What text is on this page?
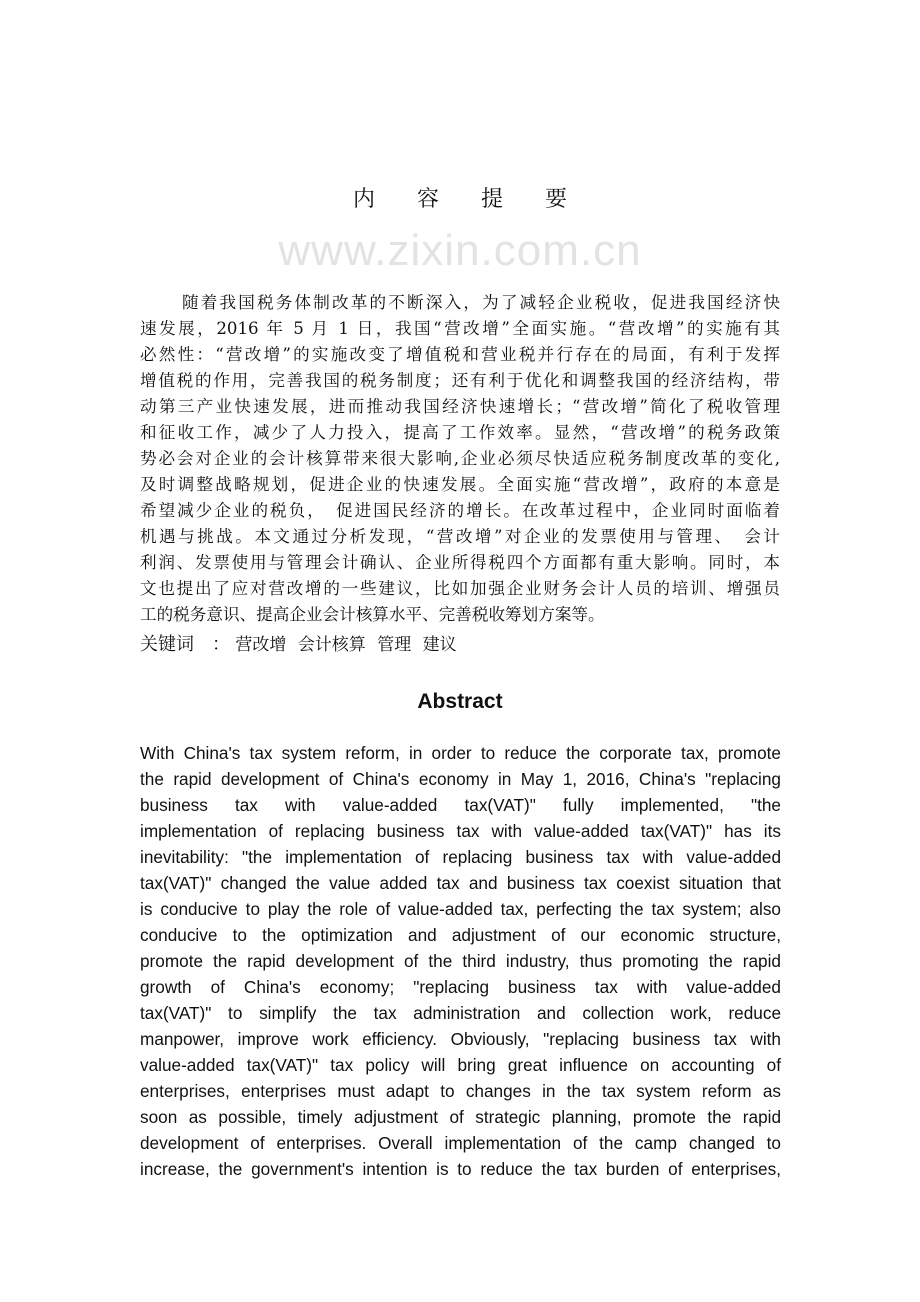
内 容 提 要
www.zixin.com.cn
随着我国税务体制改革的不断深入，为了减轻企业税收，促进我国经济快
速发展，2016 年 5 月 1 日，我国“营改增”全面实施。“营改增”的实施有其
必然性：“营改增”的实施改变了增值税和营业税并行存在的局面，有利于发挥
增值税的作用，完善我国的税务制度；还有利于优化和调整我国的经济结构，带
动第三产业快速发展，进而推动我国经济快速增长；“营改增”简化了税收管理
和征收工作，减少了人力投入，提高了工作效率。显然，“营改增”的税务政策
势必会对企业的会计核算带来很大影响,企业必须尽快适应税务制度改革的变化,
及时调整战略规划，促进企业的快速发展。全面实施“营改增”，政府的本意是
希望减少企业的税负，　促进国民经济的增长。在改革过程中，企业同时面临着
机遇与挑战。本文通过分析发现，“营改增”对企业的发票使用与管理、　会计
利润、发票使用与管理会计确认、企业所得税四个方面都有重大影响。同时，本
文也提出了应对营改增的一些建议，比如加强企业财务会计人员的培训、增强员
工的税务意识、提高企业会计核算水平、完善税收筹划方案等。
关键词　： 营改增 会计核算 管理 建议
Abstract
With China's tax system reform, in order to reduce the corporate tax, promote
the rapid development of China's economy in May 1, 2016, China's "replacing
business tax with value-added tax(VAT)" fully implemented, "the
implementation of replacing business tax with value-added tax(VAT)" has its
inevitability: "the implementation of replacing business tax with value-added
tax(VAT)" changed the value added tax and business tax coexist situation that
is conducive to play the role of value-added tax, perfecting the tax system; also
conducive to the optimization and adjustment of our economic structure,
promote the rapid development of the third industry, thus promoting the rapid
growth of China's economy; "replacing business tax with value-added
tax(VAT)" to simplify the tax administration and collection work, reduce
manpower, improve work efficiency. Obviously, "replacing business tax with
value-added tax(VAT)" tax policy will bring great influence on accounting of
enterprises, enterprises must adapt to changes in the tax system reform as
soon as possible, timely adjustment of strategic planning, promote the rapid
development of enterprises. Overall implementation of the camp changed to
increase, the government's intention is to reduce the tax burden of enterprises,
